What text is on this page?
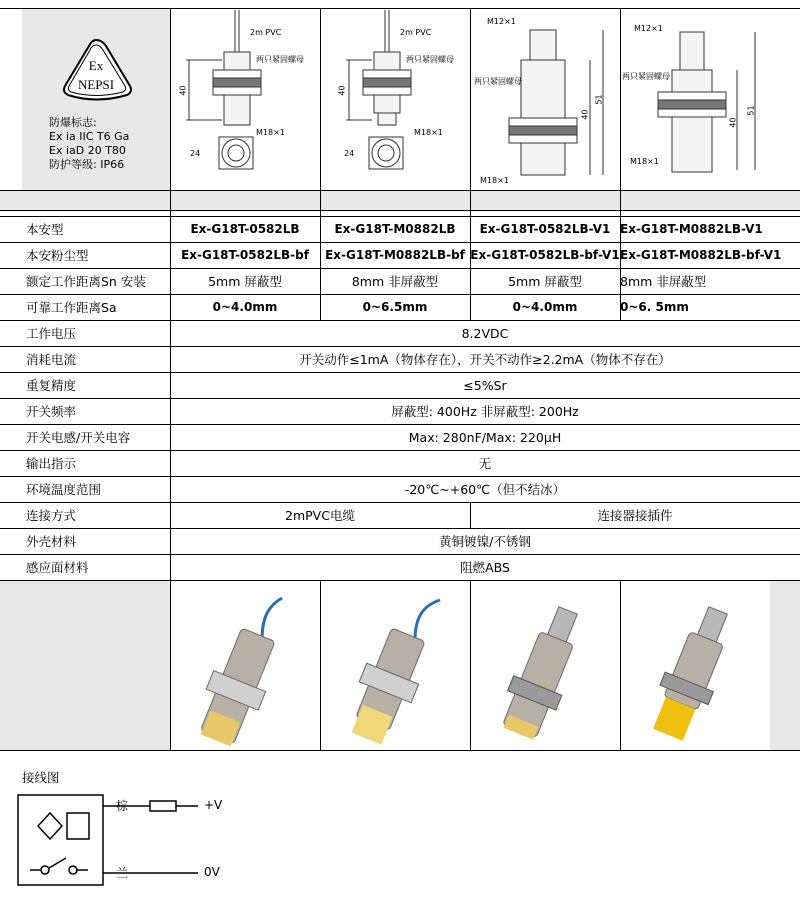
Ex
NEPSI
防爆标志:
Ex ia IIC T6 Ga
Ex iaD 20 T80
防护等级: IP66
2m PVC
两只紧固螺母
M18×1
40
24
2m PVC
两只紧固螺母
M18×1
40
24
M12×1
两只紧固螺母
M18×1
40
51
M12×1
两只紧固螺母
M18×1
40
51
本安型	Ex-G18T-0582LB	Ex-G18T-M0882LB	Ex-G18T-0582LB-V1 Ex-G18T-M0882LB-V1
本安粉尘型	Ex-G18T-0582LB-bf	Ex-G18T-M0882LB-bf Ex-G18T-0582LB-bf-V1 Ex-G18T-M0882LB-bf-V1
额定工作距离Sn 安装	5mm 屏蔽型	8mm 非屏蔽型	5mm 屏蔽型	8mm 非屏蔽型
可靠工作距离Sa	0~4.0mm	0~6.5mm	0~4.0mm	0~6. 5mm
工作电压	8.2VDC
消耗电流	开关动作≤1mA（物体存在），开关不动作≥2.2mA（物体不存在）
重复精度	≤5%Sr
开关频率	屏蔽型: 400Hz 非屏蔽型: 200Hz
开关电感/开关电容	Max: 280nF/Max: 220μH
输出指示	无
环境温度范围	-20℃~+60℃（但不结冰）
连接方式	2mPVC电缆	连接器接插件
外壳材料	黄铜镀镍/不锈钢
感应面材料	阻燃ABS
接线图
棕	+V
兰	0V
